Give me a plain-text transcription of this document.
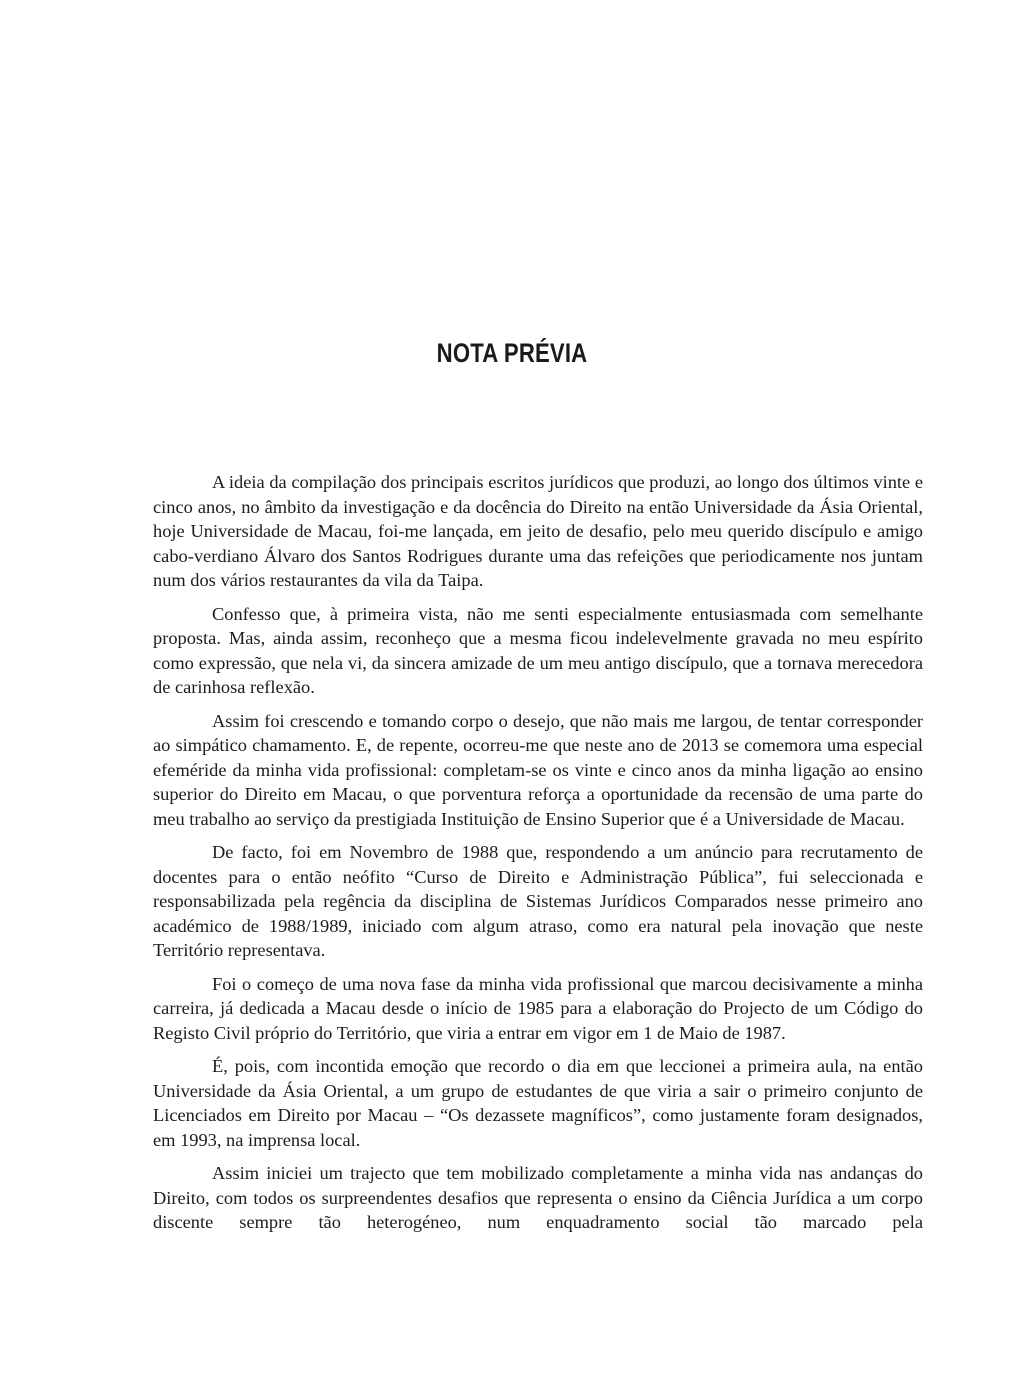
NOTA PRÉVIA

A ideia da compilação dos principais escritos jurídicos que produzi, ao longo dos últimos vinte e cinco anos, no âmbito da investigação e da docência do Direito na então Universidade da Ásia Oriental, hoje Universidade de Macau, foi-me lançada, em jeito de desafio, pelo meu querido discípulo e amigo cabo-verdiano Álvaro dos Santos Rodrigues durante uma das refeições que periodicamente nos juntam num dos vários restaurantes da vila da Taipa.

Confesso que, à primeira vista, não me senti especialmente entusiasmada com semelhante proposta. Mas, ainda assim, reconheço que a mesma ficou indelevelmente gravada no meu espírito como expressão, que nela vi, da sincera amizade de um meu antigo discípulo, que a tornava merecedora de carinhosa reflexão.

Assim foi crescendo e tomando corpo o desejo, que não mais me largou, de tentar corresponder ao simpático chamamento. E, de repente, ocorreu-me que neste ano de 2013 se comemora uma especial efeméride da minha vida profissional: completam-se os vinte e cinco anos da minha ligação ao ensino superior do Direito em Macau, o que porventura reforça a oportunidade da recensão de uma parte do meu trabalho ao serviço da prestigiada Instituição de Ensino Superior que é a Universidade de Macau.

De facto, foi em Novembro de 1988 que, respondendo a um anúncio para recrutamento de docentes para o então neófito “Curso de Direito e Administração Pública”, fui seleccionada e responsabilizada pela regência da disciplina de Sistemas Jurídicos Comparados nesse primeiro ano académico de 1988/1989, iniciado com algum atraso, como era natural pela inovação que neste Território representava.

Foi o começo de uma nova fase da minha vida profissional que marcou decisivamente a minha carreira, já dedicada a Macau desde o início de 1985 para a elaboração do Projecto de um Código do Registo Civil próprio do Território, que viria a entrar em vigor em 1 de Maio de 1987.

É, pois, com incontida emoção que recordo o dia em que leccionei a primeira aula, na então Universidade da Ásia Oriental, a um grupo de estudantes de que viria a sair o primeiro conjunto de Licenciados em Direito por Macau – “Os dezassete magníficos”, como justamente foram designados, em 1993, na imprensa local.

Assim iniciei um trajecto que tem mobilizado completamente a minha vida nas andanças do Direito, com todos os surpreendentes desafios que representa o ensino da Ciência Jurídica a um corpo discente sempre tão heterogéneo, num enquadramento social tão marcado pela
